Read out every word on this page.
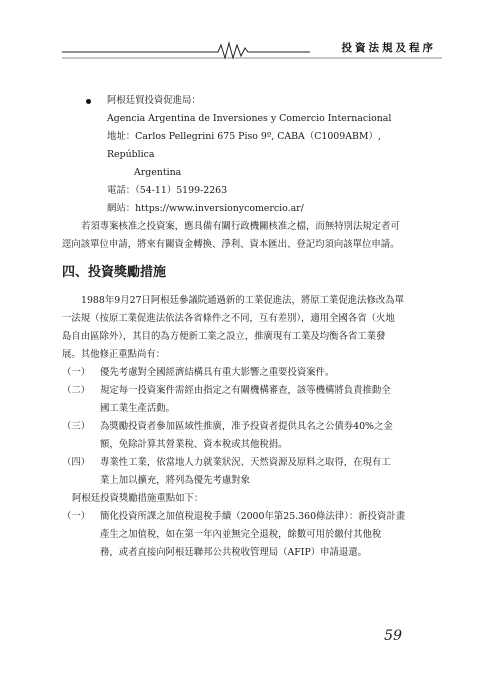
投資法規及程序

阿根廷貿投資促進局：

Agencia Argentina de Inversiones y Comercio Internacional

地址：Carlos Pellegrini 675 Piso 9º, CABA（C1009ABM）, República

Argentina

電話：（54-11）5199-2263

網站：https://www.inversionycomercio.ar/

若須專案核准之投資案，應具備有關行政機關核准之檔，而無特別法規定者可

逕向該單位申請，將來有關資金轉換、淨利、資本匯出、登記均須向該單位申請。

四、投資獎勵措施

1988年9月27日阿根廷參議院通過新的工業促進法，將原工業促進法修改為單

一法規（按原工業促進法依法各省條件之不同，互有差別），適用全國各省（火地

島自由區除外），其目的為方便新工業之設立，推廣現有工業及均衡各省工業發

展。其他修正重點尚有：

（一） 優先考慮對全國經濟結構具有重大影響之重要投資案件。

（二） 規定每一投資案件需經由指定之有關機構審查，該等機構將負責推動全

國工業生產活動。

（三） 為獎勵投資者參加區域性推廣，准予投資者提供具名之公債券40%之金

額，免除計算其營業稅、資本稅或其他稅捐。

（四） 專業性工業，依當地人力就業狀況、天然資源及原料之取得，在現有工

業上加以擴充，將列為優先考慮對象

阿根廷投資獎勵措施重點如下：

（一） 簡化投資所課之加值稅退稅手續（2000年第25.360條法律）：新投資計畫

產生之加值稅，如在第一年內並無完全退稅，餘數可用於繳付其他稅

務，或者直接向阿根廷聯邦公共稅收管理局（AFIP）申請退還。

59
